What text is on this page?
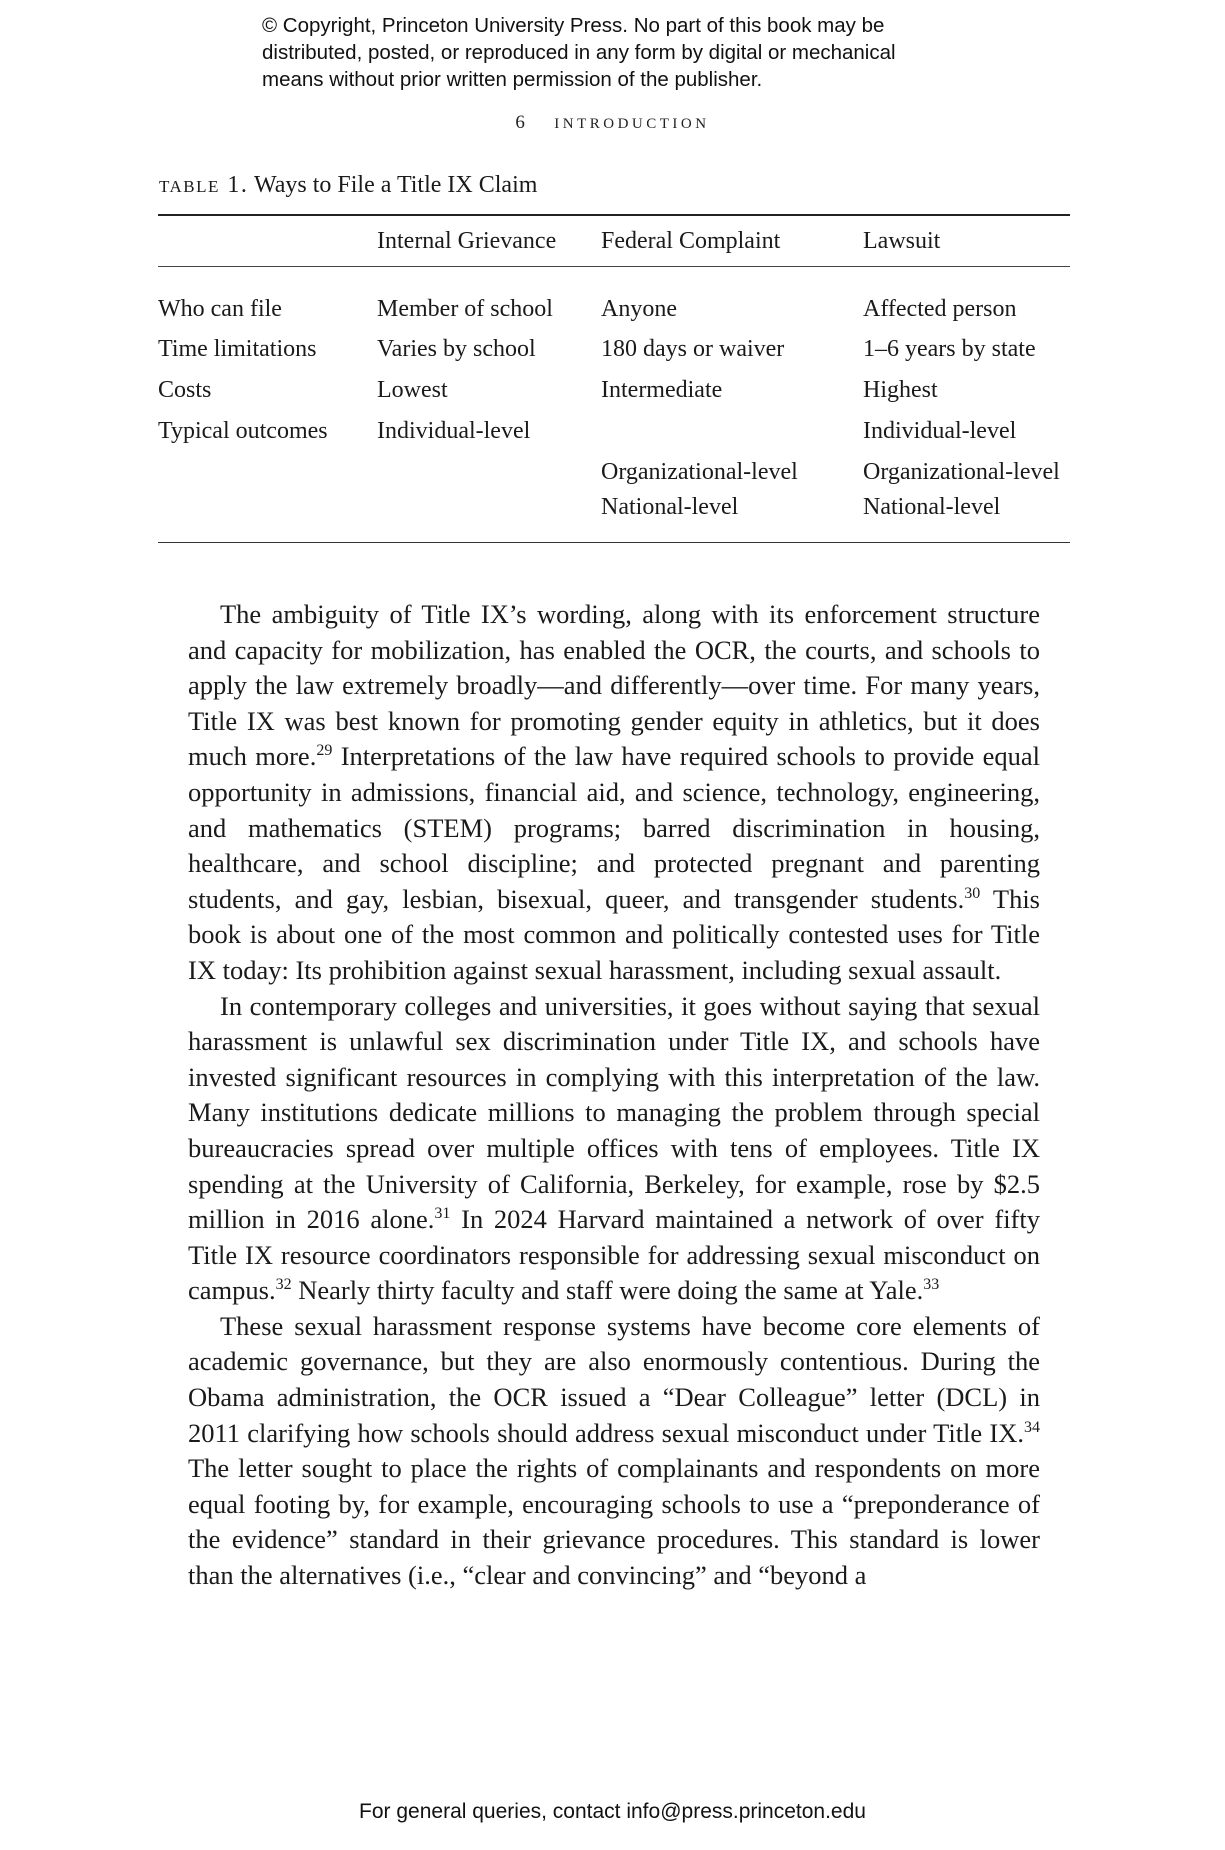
© Copyright, Princeton University Press. No part of this book may be

distributed, posted, or reproduced in any form by digital or mechanical

means without prior written permission of the publisher.

6 INTRODUCTION
table 1. Ways to File a Title IX Claim
	Internal Grievance	Federal Complaint	Lawsuit
Who can file	Member of school	Anyone	Affected person
Time limitations	Varies by school	180 days or waiver	1–6 years by state
Costs	Lowest	Intermediate	Highest
Typical outcomes	Individual-level		Individual-level
		Organizational-level	Organizational-level
		National-level	National-level

The ambiguity of Title IX’s wording, along with its enforcement structure and capacity for mobilization, has enabled the OCR, the courts, and schools to apply the law extremely broadly—and differently—over time. For many years, Title IX was best known for promoting gender equity in athletics, but it does much more.$^{29}$ Interpretations of the law have required schools to provide equal opportunity in admissions, financial aid, and science, technology, engineering, and mathematics (STEM) programs; barred discrimination in housing, healthcare, and school discipline; and protected pregnant and parenting students, and gay, lesbian, bisexual, queer, and transgender students.$^{30}$ This book is about one of the most common and politically contested uses for Title IX today: Its prohibition against sexual harassment, including sexual assault.

In contemporary colleges and universities, it goes without saying that sexual harassment is unlawful sex discrimination under Title IX, and schools have invested significant resources in complying with this interpretation of the law. Many institutions dedicate millions to managing the problem through special bureaucracies spread over multiple offices with tens of employees. Title IX spending at the University of California, Berkeley, for example, rose by $2.5 million in 2016 alone.$^{31}$ In 2024 Harvard maintained a network of over fifty Title IX resource coordinators responsible for addressing sexual misconduct on campus.$^{32}$ Nearly thirty faculty and staff were doing the same at Yale.$^{33}$

These sexual harassment response systems have become core elements of academic governance, but they are also enormously contentious. During the Obama administration, the OCR issued a “Dear Colleague” letter (DCL) in 2011 clarifying how schools should address sexual misconduct under Title IX.$^{34}$ The letter sought to place the rights of complainants and respondents on more equal footing by, for example, encouraging schools to use a “preponderance of the evidence” standard in their grievance procedures. This standard is lower than the alternatives (i.e., “clear and convincing” and “beyond a

For general queries, contact info@press.princeton.edu
